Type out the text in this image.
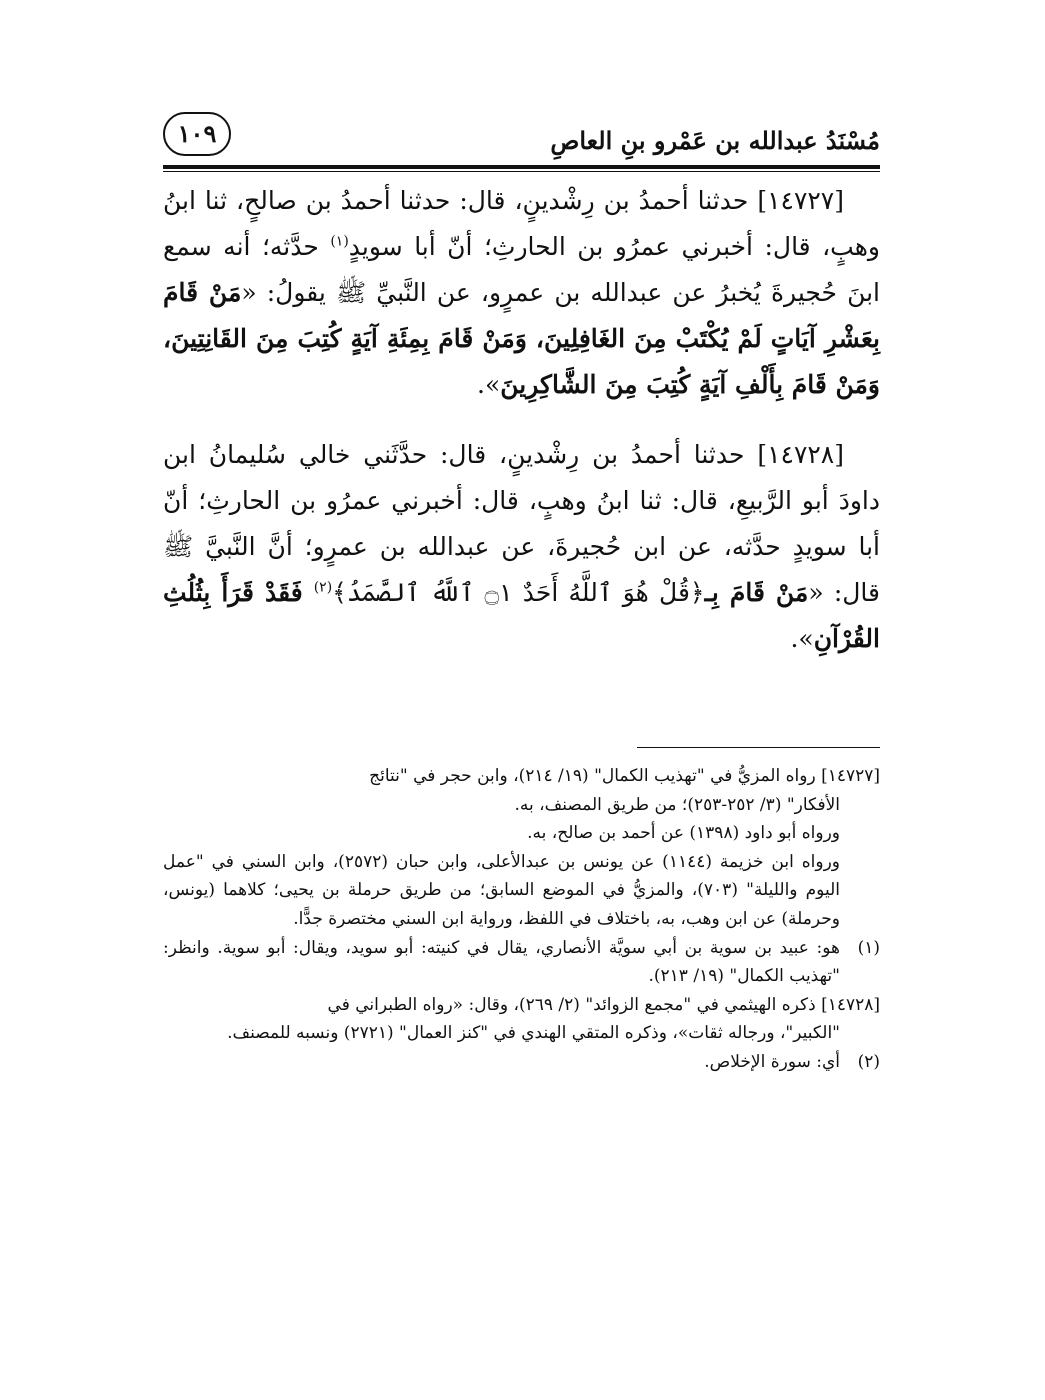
مُسْنَدُ عبدالله بن عَمْرو بنِ العاصِ
١٠٩

[١٤٧٢٧] حدثنا أحمدُ بن رِشْدينٍ، قال: حدثنا أحمدُ بن صالحٍ، ثنا ابنُ وهبٍ، قال: أخبرني عمرُو بن الحارثِ؛ أنّ أبا سويدٍ$^{(١)}$ حدَّثه؛ أنه سمع ابنَ حُجيرةَ يُخبرُ عن عبدالله بن عمرٍو، عن النَّبيِّ ﷺ يقولُ: «مَنْ قَامَ بِعَشْرِ آيَاتٍ لَمْ يُكْتَبْ مِنَ الغَافِلِينَ، وَمَنْ قَامَ بِمِئَةِ آيَةٍ كُتِبَ مِنَ القَانِتِينَ، وَمَنْ قَامَ بِأَلْفِ آيَةٍ كُتِبَ مِنَ الشَّاكِرِينَ».

[١٤٧٢٨] حدثنا أحمدُ بن رِشْدينٍ، قال: حدَّثَني خالي سُليمانُ ابن داودَ أبو الرَّبيعِ، قال: ثنا ابنُ وهبٍ، قال: أخبرني عمرُو بن الحارثِ؛ أنّ أبا سويدٍ حدَّثه، عن ابن حُجيرةَ، عن عبدالله بن عمرٍو؛ أنَّ النَّبيَّ ﷺ قال: «مَنْ قَامَ بِـ﴿قُلْ هُوَ ٱللَّهُ أَحَدٌ ۝١ ٱللَّهُ ٱلصَّمَدُ﴾$^{(٢)}$ فَقَدْ قَرَأَ بِثُلُثِ القُرْآنِ».

[١٤٧٢٧] رواه المزيُّ في "تهذيب الكمال" (١٩/ ٢١٤)، وابن حجر في "نتائج
الأفكار" (٣/ ٢٥٢-٢٥٣)؛ من طريق المصنف، به.
ورواه أبو داود (١٣٩٨) عن أحمد بن صالح، به.
ورواه ابن خزيمة (١١٤٤) عن يونس بن عبدالأعلى، وابن حبان (٢٥٧٢)، وابن السني في "عمل اليوم والليلة" (٧٠٣)، والمزيُّ في الموضع السابق؛ من طريق حرملة بن يحيى؛ كلاهما (يونس، وحرملة) عن ابن وهب، به، باختلاف في اللفظ، ورواية ابن السني مختصرة جدًّا.
(١)
هو: عبيد بن سوية بن أبي سويَّة الأنصاري، يقال في كنيته: أبو سويد، ويقال: أبو سوية. وانظر: "تهذيب الكمال" (١٩/ ٢١٣).
[١٤٧٢٨] ذكره الهيثمي في "مجمع الزوائد" (٢/ ٢٦٩)، وقال: «رواه الطبراني في
"الكبير"، ورجاله ثقات»، وذكره المتقي الهندي في "كنز العمال" (٢٧٢١) ونسبه للمصنف.
(٢)
أي: سورة الإخلاص.
